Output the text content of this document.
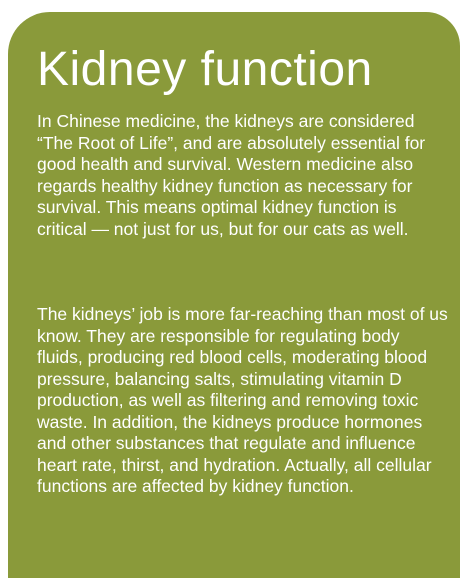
Kidney function

In Chinese medicine, the kidneys are considered “The Root of Life”, and are absolutely essential for good health and survival. Western medicine also regards healthy kidney function as necessary for survival. This means optimal kidney function is critical — not just for us, but for our cats as well.

The kidneys’ job is more far-reaching than most of us know. They are responsible for regulating body fluids, producing red blood cells, moderating blood pressure, balancing salts, stimulating vitamin D production, as well as filtering and removing toxic waste. In addition, the kidneys produce hormones and other substances that regulate and influence heart rate, thirst, and hydration. Actually, all cellular functions are affected by kidney function.
